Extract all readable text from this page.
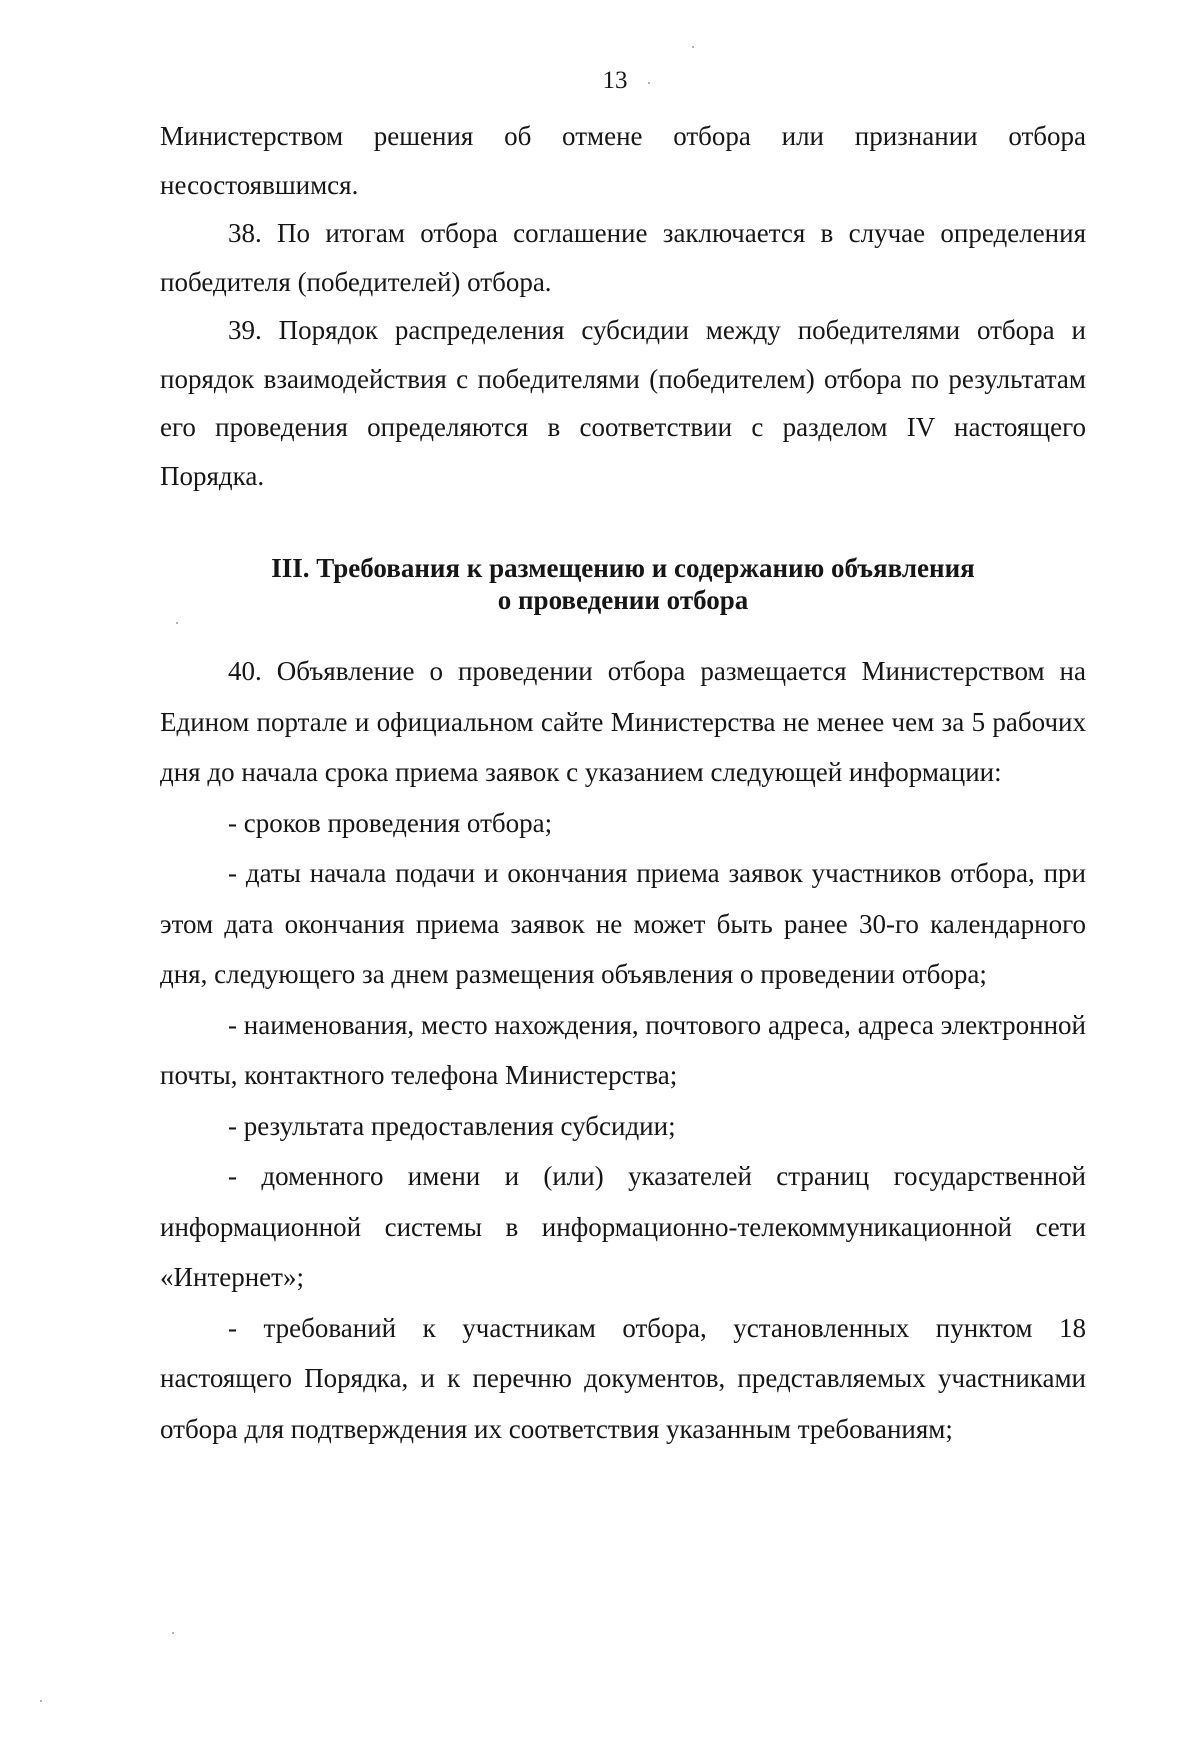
13

Министерством решения об отмене отбора или признании отбора несостоявшимся.

38. По итогам отбора соглашение заключается в случае определения победителя (победителей) отбора.

39. Порядок распределения субсидии между победителями отбора и порядок взаимодействия с победителями (победителем) отбора по результатам его проведения определяются в соответствии с разделом IV настоящего Порядка.

III. Требования к размещению и содержанию объявления
о проведении отбора

40. Объявление о проведении отбора размещается Министерством на Едином портале и официальном сайте Министерства не менее чем за 5 рабочих дня до начала срока приема заявок с указанием следующей информации:

- сроков проведения отбора;

- даты начала подачи и окончания приема заявок участников отбора, при этом дата окончания приема заявок не может быть ранее 30-го календарного дня, следующего за днем размещения объявления о проведении отбора;

- наименования, место нахождения, почтового адреса, адреса электронной почты, контактного телефона Министерства;

- результата предоставления субсидии;

- доменного имени и (или) указателей страниц государственной информационной системы в информационно-телекоммуникационной сети «Интернет»;

- требований к участникам отбора, установленных пунктом 18 настоящего Порядка, и к перечню документов, представляемых участниками отбора для подтверждения их соответствия указанным требованиям;
